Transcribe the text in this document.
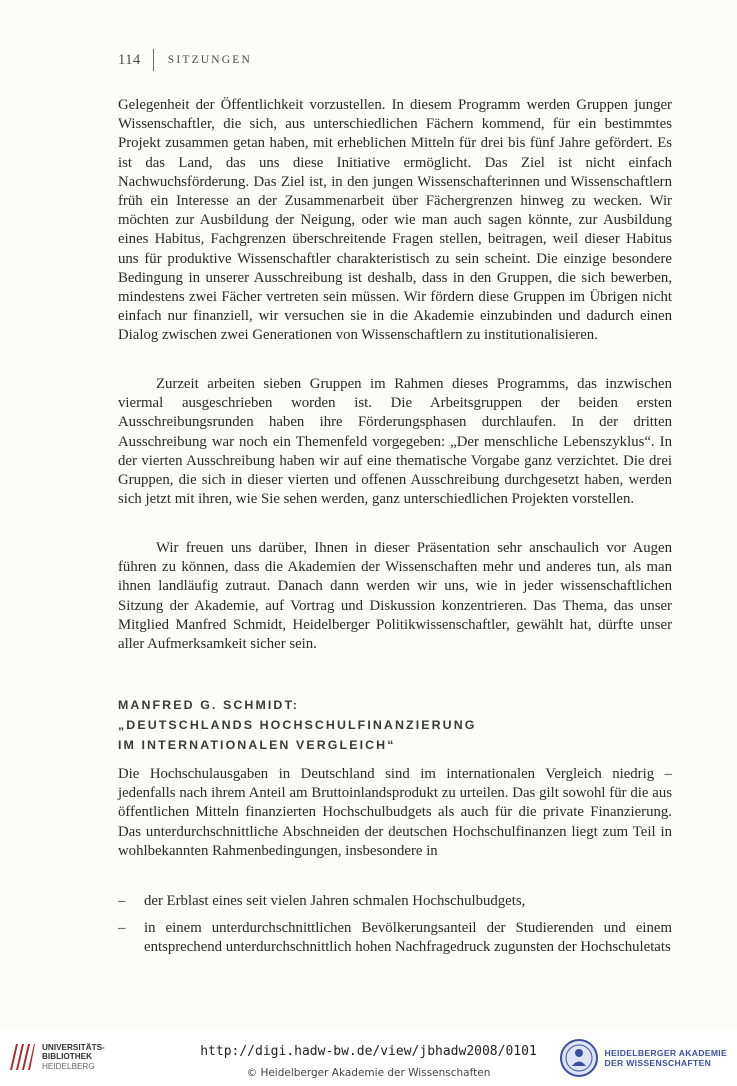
114 SITZUNGEN

Gelegenheit der Öffentlichkeit vorzustellen. In diesem Programm werden Gruppen junger Wissenschaftler, die sich, aus unterschiedlichen Fächern kommend, für ein bestimmtes Projekt zusammen getan haben, mit erheblichen Mitteln für drei bis fünf Jahre gefördert. Es ist das Land, das uns diese Initiative ermöglicht. Das Ziel ist nicht einfach Nachwuchsförderung. Das Ziel ist, in den jungen Wissenschafterinnen und Wissenschaftlern früh ein Interesse an der Zusammenarbeit über Fächergrenzen hinweg zu wecken. Wir möchten zur Ausbildung der Neigung, oder wie man auch sagen könnte, zur Ausbildung eines Habitus, Fachgrenzen überschreitende Fragen stellen, beitragen, weil dieser Habitus uns für produktive Wissenschaftler charakteristisch zu sein scheint. Die einzige besondere Bedingung in unserer Ausschreibung ist deshalb, dass in den Gruppen, die sich bewerben, mindestens zwei Fächer vertreten sein müssen. Wir fördern diese Gruppen im Übrigen nicht einfach nur finanziell, wir versuchen sie in die Akademie einzubinden und dadurch einen Dialog zwischen zwei Generationen von Wissenschaftlern zu institutionalisieren.

Zurzeit arbeiten sieben Gruppen im Rahmen dieses Programms, das inzwischen viermal ausgeschrieben worden ist. Die Arbeitsgruppen der beiden ersten Ausschreibungsrunden haben ihre Förderungsphasen durchlaufen. In der dritten Ausschreibung war noch ein Themenfeld vorgegeben: „Der menschliche Lebenszyklus“. In der vierten Ausschreibung haben wir auf eine thematische Vorgabe ganz verzichtet. Die drei Gruppen, die sich in dieser vierten und offenen Ausschreibung durchgesetzt haben, werden sich jetzt mit ihren, wie Sie sehen werden, ganz unterschiedlichen Projekten vorstellen.

Wir freuen uns darüber, Ihnen in dieser Präsentation sehr anschaulich vor Augen führen zu können, dass die Akademien der Wissenschaften mehr und anderes tun, als man ihnen landläufig zutraut. Danach dann werden wir uns, wie in jeder wissenschaftlichen Sitzung der Akademie, auf Vortrag und Diskussion konzentrieren. Das Thema, das unser Mitglied Manfred Schmidt, Heidelberger Politikwissenschaftler, gewählt hat, dürfte unser aller Aufmerksamkeit sicher sein.

MANFRED G. SCHMIDT:
„DEUTSCHLANDS HOCHSCHULFINANZIERUNG
IM INTERNATIONALEN VERGLEICH“

Die Hochschulausgaben in Deutschland sind im internationalen Vergleich niedrig – jedenfalls nach ihrem Anteil am Bruttoinlandsprodukt zu urteilen. Das gilt sowohl für die aus öffentlichen Mitteln finanzierten Hochschulbudgets als auch für die private Finanzierung. Das unterdurchschnittliche Abschneiden der deutschen Hochschulfinanzen liegt zum Teil in wohlbekannten Rahmenbedingungen, insbesondere in

–	der Erblast eines seit vielen Jahren schmalen Hochschulbudgets,
–	in einem unterdurchschnittlichen Bevölkerungsanteil der Studierenden und einem entsprechend unterdurchschnittlich hohen Nachfragedruck zugunsten der Hochschuletats
UNIVERSITÄTS-
BIBLIOTHEK
HEIDELBERG
http://digi.hadw-bw.de/view/jbhadw2008/0101
© Heidelberger Akademie der Wissenschaften
HEIDELBERGER AKADEMIE
DER WISSENSCHAFTEN
